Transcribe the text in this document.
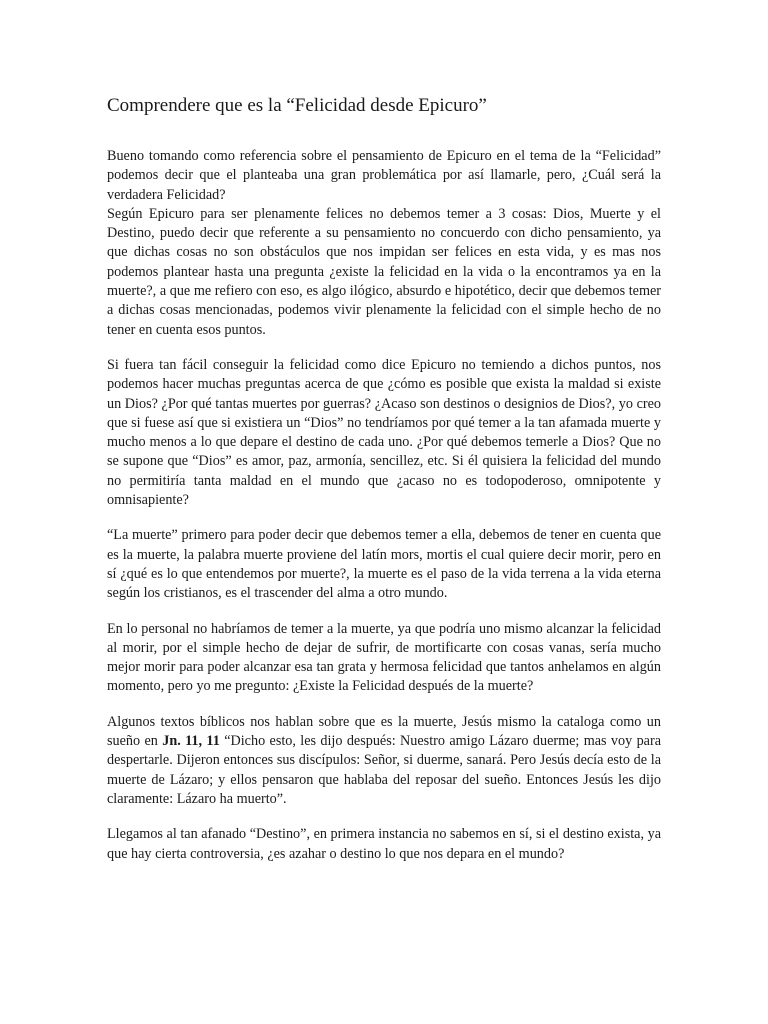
Comprendere que es la “Felicidad desde Epicuro”

Bueno tomando como referencia sobre el pensamiento de Epicuro en el tema de la “Felicidad” podemos decir que el planteaba una gran problemática por así llamarle, pero, ¿Cuál será la verdadera Felicidad?

Según Epicuro para ser plenamente felices no debemos temer a 3 cosas: Dios, Muerte y el Destino, puedo decir que referente a su pensamiento no concuerdo con dicho pensamiento, ya que dichas cosas no son obstáculos que nos impidan ser felices en esta vida, y es mas nos podemos plantear hasta una pregunta ¿existe la felicidad en la vida o la encontramos ya en la muerte?, a que me refiero con eso, es algo ilógico, absurdo e hipotético, decir que debemos temer a dichas cosas mencionadas, podemos vivir plenamente la felicidad con el simple hecho de no tener en cuenta esos puntos.

Si fuera tan fácil conseguir la felicidad como dice Epicuro no temiendo a dichos puntos, nos podemos hacer muchas preguntas acerca de que ¿cómo es posible que exista la maldad si existe un Dios? ¿Por qué tantas muertes por guerras? ¿Acaso son destinos o designios de Dios?, yo creo que si fuese así que si existiera un “Dios” no tendríamos por qué temer a la tan afamada muerte y mucho menos a lo que depare el destino de cada uno. ¿Por qué debemos temerle a Dios? Que no se supone que “Dios” es amor, paz, armonía, sencillez, etc. Si él quisiera la felicidad del mundo no permitiría tanta maldad en el mundo que ¿acaso no es todopoderoso, omnipotente y omnisapiente?

“La muerte” primero para poder decir que debemos temer a ella, debemos de tener en cuenta que es la muerte, la palabra muerte proviene del latín mors, mortis el cual quiere decir morir, pero en sí ¿qué es lo que entendemos por muerte?, la muerte es el paso de la vida terrena a la vida eterna según los cristianos, es el trascender del alma a otro mundo.

En lo personal no habríamos de temer a la muerte, ya que podría uno mismo alcanzar la felicidad al morir, por el simple hecho de dejar de sufrir, de mortificarte con cosas vanas, sería mucho mejor morir para poder alcanzar esa tan grata y hermosa felicidad que tantos anhelamos en algún momento, pero yo me pregunto: ¿Existe la Felicidad después de la muerte?

Algunos textos bíblicos nos hablan sobre que es la muerte, Jesús mismo la cataloga como un sueño en Jn. 11, 11 “Dicho esto, les dijo después: Nuestro amigo Lázaro duerme; mas voy para despertarle. Dijeron entonces sus discípulos: Señor, si duerme, sanará. Pero Jesús decía esto de la muerte de Lázaro; y ellos pensaron que hablaba del reposar del sueño. Entonces Jesús les dijo claramente: Lázaro ha muerto”.

Llegamos al tan afanado “Destino”, en primera instancia no sabemos en sí, si el destino exista, ya que hay cierta controversia, ¿es azahar o destino lo que nos depara en el mundo?
